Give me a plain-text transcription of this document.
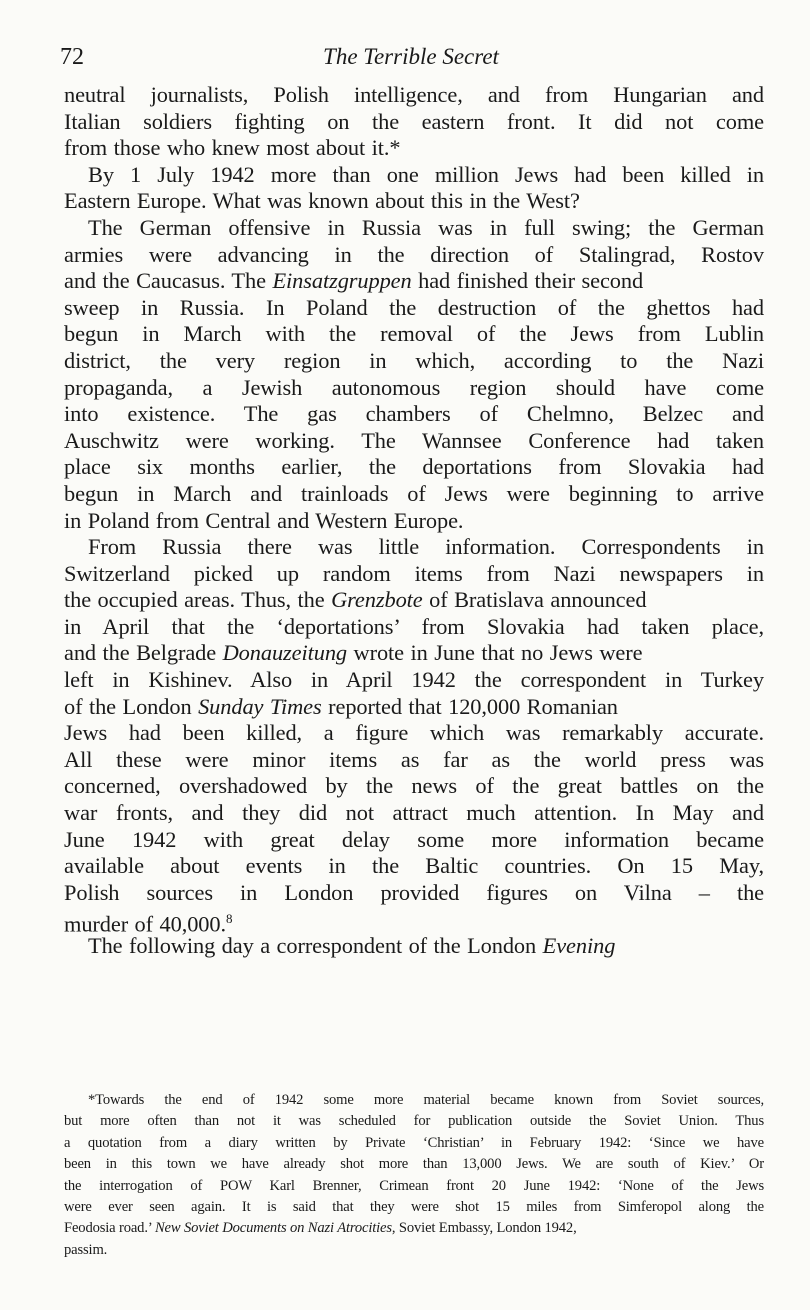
72	The Terrible Secret
neutral journalists, Polish intelligence, and from Hungarian and
Italian soldiers fighting on the eastern front. It did not come
from those who knew most about it.*
By 1 July 1942 more than one million Jews had been killed in
Eastern Europe. What was known about this in the West?
The German offensive in Russia was in full swing; the German
armies were advancing in the direction of Stalingrad, Rostov
and the Caucasus. The Einsatzgruppen had finished their second
sweep in Russia. In Poland the destruction of the ghettos had
begun in March with the removal of the Jews from Lublin
district, the very region in which, according to the Nazi
propaganda, a Jewish autonomous region should have come
into existence. The gas chambers of Chelmno, Belzec and
Auschwitz were working. The Wannsee Conference had taken
place six months earlier, the deportations from Slovakia had
begun in March and trainloads of Jews were beginning to arrive
in Poland from Central and Western Europe.
From Russia there was little information. Correspondents in
Switzerland picked up random items from Nazi newspapers in
the occupied areas. Thus, the Grenzbote of Bratislava announced
in April that the ‘deportations’ from Slovakia had taken place,
and the Belgrade Donauzeitung wrote in June that no Jews were
left in Kishinev. Also in April 1942 the correspondent in Turkey
of the London Sunday Times reported that 120,000 Romanian
Jews had been killed, a figure which was remarkably accurate.
All these were minor items as far as the world press was
concerned, overshadowed by the news of the great battles on the
war fronts, and they did not attract much attention. In May and
June 1942 with great delay some more information became
available about events in the Baltic countries. On 15 May,
Polish sources in London provided figures on Vilna – the
murder of 40,000.$^8$
The following day a correspondent of the London Evening
*Towards the end of 1942 some more material became known from Soviet sources,
but more often than not it was scheduled for publication outside the Soviet Union. Thus
a quotation from a diary written by Private ‘Christian’ in February 1942: ‘Since we have
been in this town we have already shot more than 13,000 Jews. We are south of Kiev.’ Or
the interrogation of POW Karl Brenner, Crimean front 20 June 1942: ‘None of the Jews
were ever seen again. It is said that they were shot 15 miles from Simferopol along the
Feodosia road.’ New Soviet Documents on Nazi Atrocities, Soviet Embassy, London 1942,
passim.
